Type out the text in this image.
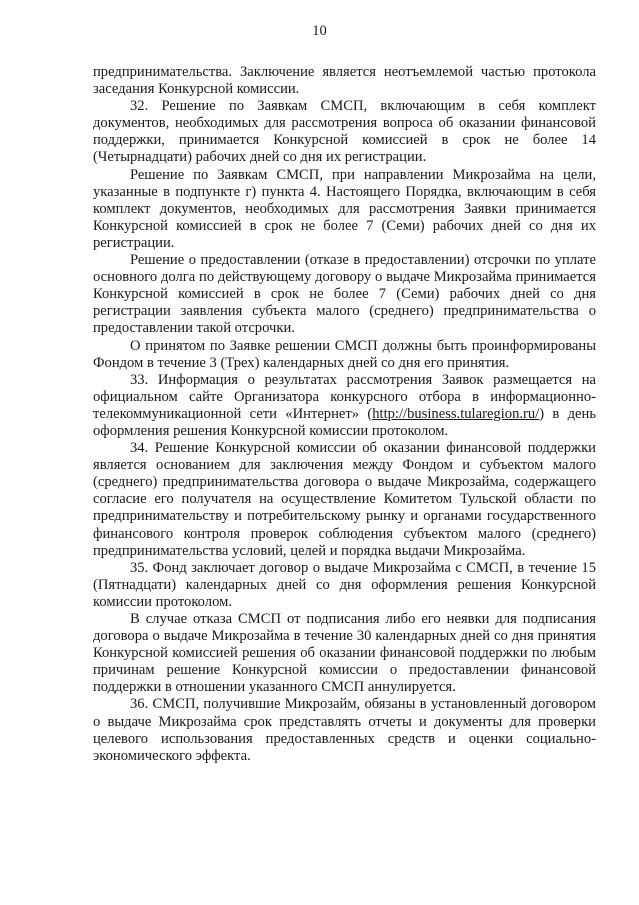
10

предпринимательства. Заключение является неотъемлемой частью протокола заседания Конкурсной комиссии.

32. Решение по Заявкам СМСП, включающим в себя комплект документов, необходимых для рассмотрения вопроса об оказании финансовой поддержки, принимается Конкурсной комиссией в срок не более 14 (Четырнадцати) рабочих дней со дня их регистрации.

Решение по Заявкам СМСП, при направлении Микрозайма на цели, указанные в подпункте г) пункта 4. Настоящего Порядка, включающим в себя комплект документов, необходимых для рассмотрения Заявки принимается Конкурсной комиссией в срок не более 7 (Семи) рабочих дней со дня их регистрации.

Решение о предоставлении (отказе в предоставлении) отсрочки по уплате основного долга по действующему договору о выдаче Микрозайма принимается Конкурсной комиссией в срок не более 7 (Семи) рабочих дней со дня регистрации заявления субъекта малого (среднего) предпринимательства о предоставлении такой отсрочки.

О принятом по Заявке решении СМСП должны быть проинформированы Фондом в течение 3 (Трех) календарных дней со дня его принятия.

33. Информация о результатах рассмотрения Заявок размещается на официальном сайте Организатора конкурсного отбора в информационно-телекоммуникационной сети «Интернет» (http://business.tularegion.ru/) в день оформления решения Конкурсной комиссии протоколом.

34. Решение Конкурсной комиссии об оказании финансовой поддержки является основанием для заключения между Фондом и субъектом малого (среднего) предпринимательства договора о выдаче Микрозайма, содержащего согласие его получателя на осуществление Комитетом Тульской области по предпринимательству и потребительскому рынку и органами государственного финансового контроля проверок соблюдения субъектом малого (среднего) предпринимательства условий, целей и порядка выдачи Микрозайма.

35. Фонд заключает договор о выдаче Микрозайма с СМСП, в течение 15 (Пятнадцати) календарных дней со дня оформления решения Конкурсной комиссии протоколом.

В случае отказа СМСП от подписания либо его неявки для подписания договора о выдаче Микрозайма в течение 30 календарных дней со дня принятия Конкурсной комиссией решения об оказании финансовой поддержки по любым причинам решение Конкурсной комиссии о предоставлении финансовой поддержки в отношении указанного СМСП аннулируется.

36. СМСП, получившие Микрозайм, обязаны в установленный договором о выдаче Микрозайма срок представлять отчеты и документы для проверки целевого использования предоставленных средств и оценки социально-экономического эффекта.
